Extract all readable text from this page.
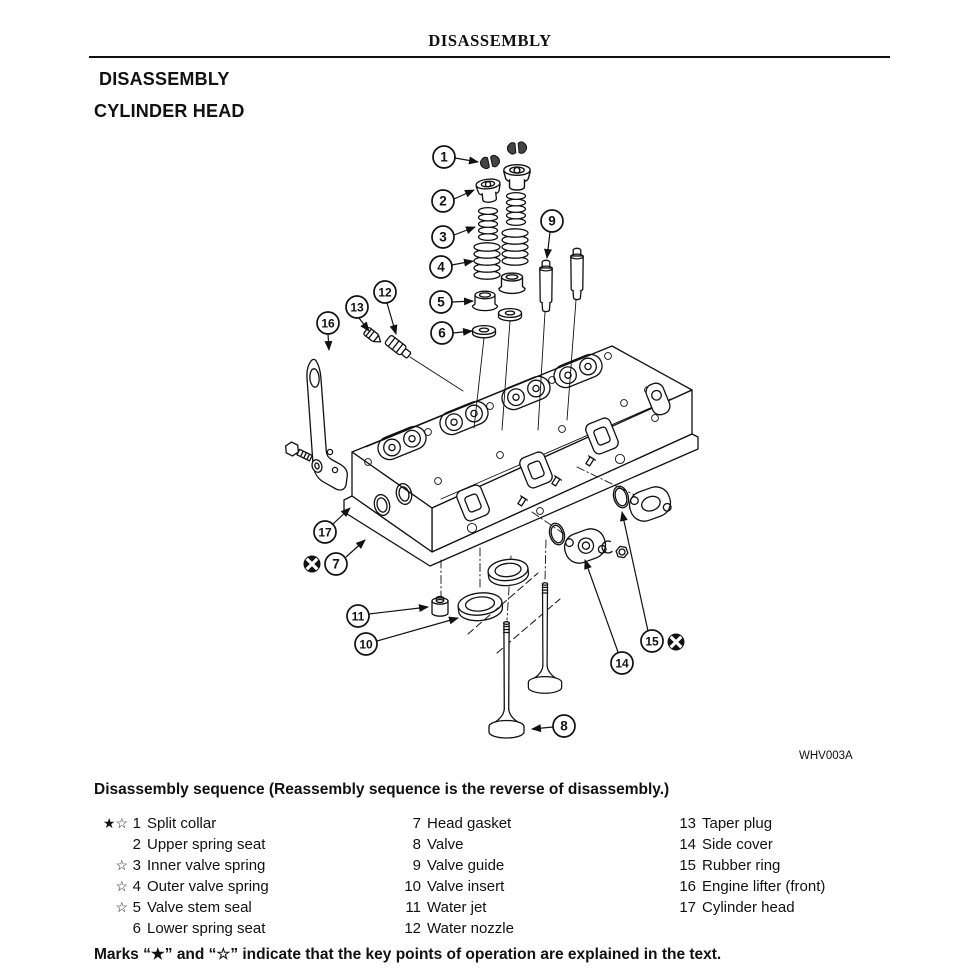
1
2
3
4
5
6
9
12
13
16
17
7
11
10
8
14
15
DISASSEMBLY
DISASSEMBLY
CYLINDER HEAD
WHV003A
Disassembly sequence (Reassembly sequence is the reverse of disassembly.)
★☆ 1 Split collar
2 Upper spring seat
☆ 3 Inner valve spring
☆ 4 Outer valve spring
☆ 5 Valve stem seal
6 Lower spring seat
7 Head gasket
8 Valve
9 Valve guide
10 Valve insert
11 Water jet
12 Water nozzle
13 Taper plug
14 Side cover
15 Rubber ring
16 Engine lifter (front)
17 Cylinder head
Marks “★” and “☆” indicate that the key points of operation are explained in the text.
